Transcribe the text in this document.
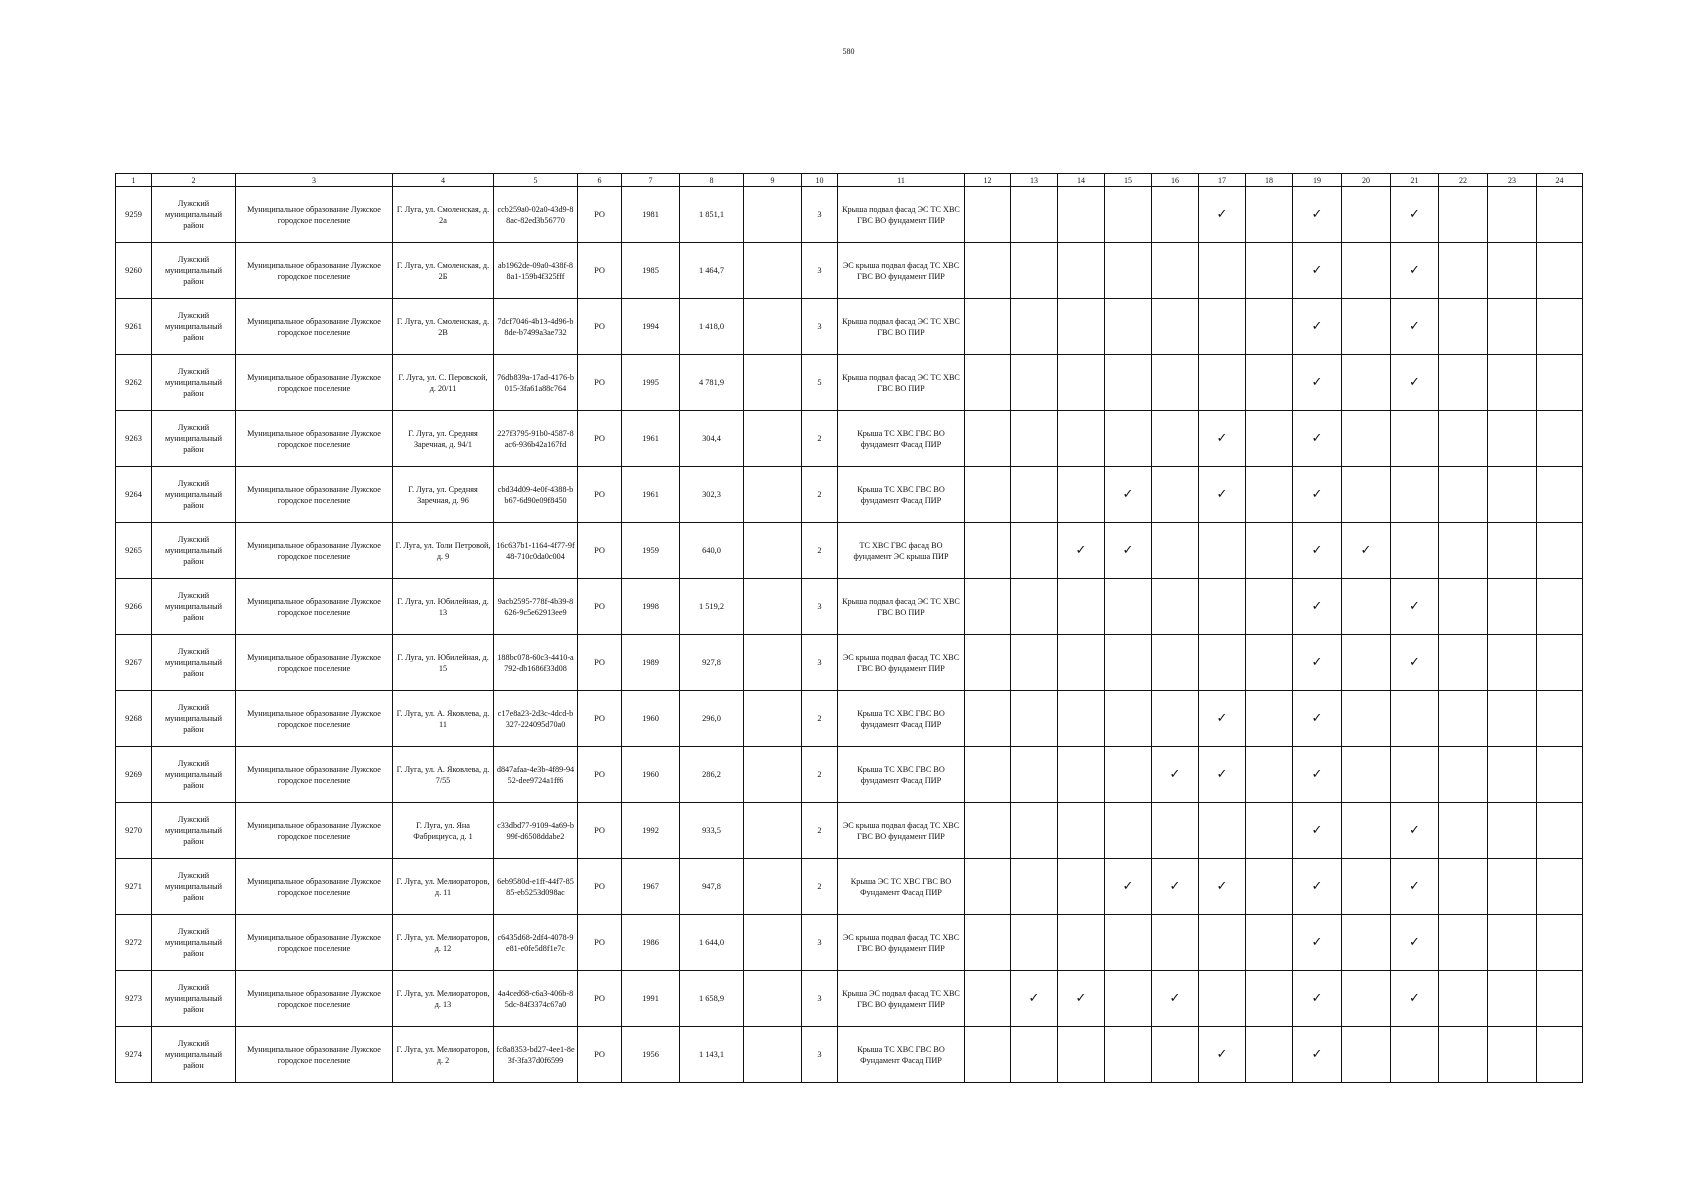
580
1	2	3	4	5	6	7	8	9	10	11	12	13	14	15	16	17	18	19	20	21	22	23	24
9259	Лужский муниципальный район	Муниципальное образование Лужское городское поселение	Г. Луга, ул. Смоленская, д. 2а	ccb259a0-02a0-43d9-88ac-82ed3b56770	РО	1981	1 851,1		3	Крыша подвал фасад ЭС ТС ХВС ГВС ВО фундамент ПИР						✓		✓		✓			
9260	Лужский муниципальный район	Муниципальное образование Лужское городское поселение	Г. Луга, ул. Смоленская, д. 2Б	ab1962de-09a0-438f-88a1-159b4f325fff	РО	1985	1 464,7		3	ЭС крыша подвал фасад ТС ХВС ГВС ВО фундамент ПИР								✓		✓			
9261	Лужский муниципальный район	Муниципальное образование Лужское городское поселение	Г. Луга, ул. Смоленская, д. 2В	7dcf7046-4b13-4d96-b8de-b7499a3ae732	РО	1994	1 418,0		3	Крыша подвал фасад ЭС ТС ХВС ГВС ВО ПИР								✓		✓			
9262	Лужский муниципальный район	Муниципальное образование Лужское городское поселение	Г. Луга, ул. С. Перовской, д. 20/11	76db839a-17ad-4176-b015-3fa61a88c764	РО	1995	4 781,9		5	Крыша подвал фасад ЭС ТС ХВС ГВС ВО ПИР								✓		✓			
9263	Лужский муниципальный район	Муниципальное образование Лужское городское поселение	Г. Луга, ул. Средняя Заречная, д. 94/1	227f3795-91b0-4587-8ac6-936b42a167fd	РО	1961	304,4		2	Крыша ТС ХВС ГВС ВО фундамент Фасад ПИР						✓		✓					
9264	Лужский муниципальный район	Муниципальное образование Лужское городское поселение	Г. Луга, ул. Средняя Заречная, д. 96	cbd34d09-4e0f-4388-bb67-6d90e09f8450	РО	1961	302,3		2	Крыша ТС ХВС ГВС ВО фундамент Фасад ПИР				✓		✓		✓					
9265	Лужский муниципальный район	Муниципальное образование Лужское городское поселение	Г. Луга, ул. Толи Петровой, д. 9	16c637b1-1164-4f77-9f48-710c0da0c004	РО	1959	640,0		2	ТС ХВС ГВС фасад ВО фундамент ЭС крыша ПИР			✓	✓				✓	✓				
9266	Лужский муниципальный район	Муниципальное образование Лужское городское поселение	Г. Луга, ул. Юбилейная, д. 13	9acb2595-778f-4b39-8626-9c5e62913ee9	РО	1998	1 519,2		3	Крыша подвал фасад ЭС ТС ХВС ГВС ВО ПИР								✓		✓			
9267	Лужский муниципальный район	Муниципальное образование Лужское городское поселение	Г. Луга, ул. Юбилейная, д. 15	188bc078-60c3-4410-a792-db1686f33d08	РО	1989	927,8		3	ЭС крыша подвал фасад ТС ХВС ГВС ВО фундамент ПИР								✓		✓			
9268	Лужский муниципальный район	Муниципальное образование Лужское городское поселение	Г. Луга, ул. А. Яковлева, д. 11	c17e8a23-2d3c-4dcd-b327-224095d70a0	РО	1960	296,0		2	Крыша ТС ХВС ГВС ВО фундамент Фасад ПИР						✓		✓					
9269	Лужский муниципальный район	Муниципальное образование Лужское городское поселение	Г. Луга, ул. А. Яковлева, д. 7/55	d847afaa-4e3b-4f89-9452-dee9724a1ff6	РО	1960	286,2		2	Крыша ТС ХВС ГВС ВО фундамент Фасад ПИР					✓	✓		✓					
9270	Лужский муниципальный район	Муниципальное образование Лужское городское поселение	Г. Луга, ул. Яна Фабрициуса, д. 1	c33dbd77-9109-4a69-b99f-d6508ddabe2	РО	1992	933,5		2	ЭС крыша подвал фасад ТС ХВС ГВС ВО фундамент ПИР								✓		✓			
9271	Лужский муниципальный район	Муниципальное образование Лужское городское поселение	Г. Луга, ул. Мелиораторов, д. 11	6eb9580d-e1ff-44f7-8585-eb5253d098ac	РО	1967	947,8		2	Крыша ЭС ТС ХВС ГВС ВО Фундамент Фасад ПИР				✓	✓	✓		✓		✓			
9272	Лужский муниципальный район	Муниципальное образование Лужское городское поселение	Г. Луга, ул. Мелиораторов, д. 12	c6435d68-2df4-4078-9e81-e0fe5d8f1e7c	РО	1986	1 644,0		3	ЭС крыша подвал фасад ТС ХВС ГВС ВО фундамент ПИР								✓		✓			
9273	Лужский муниципальный район	Муниципальное образование Лужское городское поселение	Г. Луга, ул. Мелиораторов, д. 13	4a4ced68-c6a3-406b-85dc-84f3374c67a0	РО	1991	1 658,9		3	Крыша ЭС подвал фасад ТС ХВС ГВС ВО фундамент ПИР		✓	✓		✓			✓		✓			
9274	Лужский муниципальный район	Муниципальное образование Лужское городское поселение	Г. Луга, ул. Мелиораторов, д. 2	fc8a8353-bd27-4ee1-8e3f-3fa37d0f6599	РО	1956	1 143,1		3	Крыша ТС ХВС ГВС ВО Фундамент Фасад ПИР						✓		✓					
